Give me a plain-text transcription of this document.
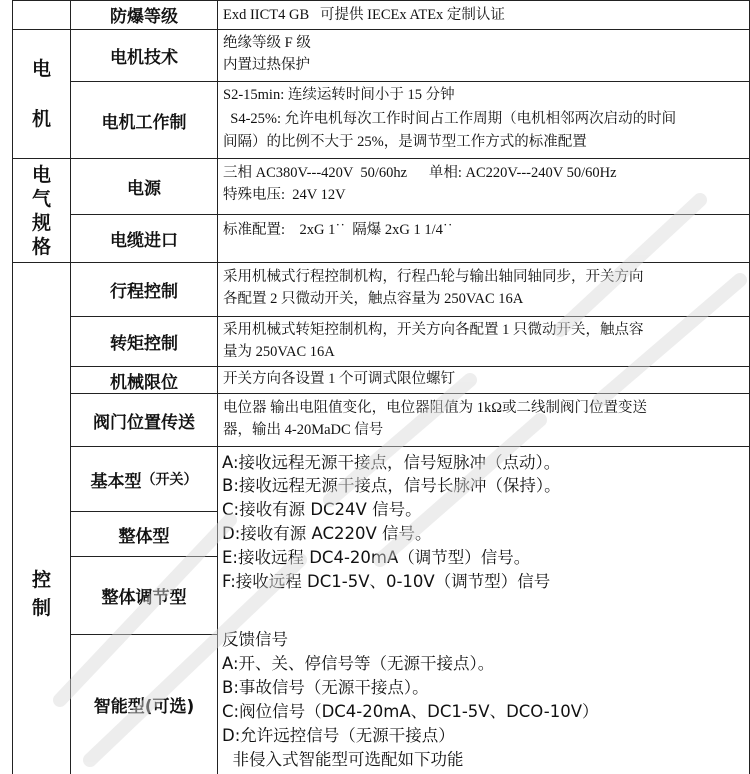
防爆等级	Exd IICT4 GB   可提供 IECEx ATEx 定制认证

电
机
电机技术

绝缘等级 F 级

内置过热保护

电机工作制

S2-15min: 连续运转时间小于 15 分钟

S4-25%: 允许电机每次工作时间占工作周期（电机相邻两次启动的时间

间隔）的比例不大于 25%，是调节型工作方式的标准配置

电
气
规
格
电源

三相 AC380V---420V  50/60hz      单相: AC220V---240V 50/60Hz

特殊电压:  24V 12V

电缆进口

标准配置:    2xG 1˙˙  隔爆 2xG 1 1/4˙˙

控
制
行程控制

采用机械式行程控制机构，行程凸轮与输出轴同轴同步，开关方向

各配置 2 只微动开关，触点容量为 250VAC 16A

转矩控制

采用机械式转矩控制机构，开关方向各配置 1 只微动开关，触点容

量为 250VAC 16A

机械限位	开关方向各设置 1 个可调式限位螺钉

阀门位置传送

电位器 输出电阻值变化，电位器阻值为 1kΩ或二线制阀门位置变送

器，输出 4-20MaDC 信号

基本型 （开关）
整体型
整体调节型
智能型(可选)
A:接收远程无源干接点，信号短脉冲（点动）。
B:接收远程无源干接点，信号长脉冲（保持）。
C:接收有源 DC24V 信号。
D:接收有源 AC220V 信号。
E:接收远程 DC4-20mA（调节型）信号。
F:接收远程 DC1-5V、0-10V（调节型）信号
反馈信号
A:开、关、停信号等（无源干接点）。
B:事故信号（无源干接点）。
C:阀位信号（DC4-20mA、DC1-5V、DCO-10V）
D:允许远控信号（无源干接点）
非侵入式智能型可选配如下功能
